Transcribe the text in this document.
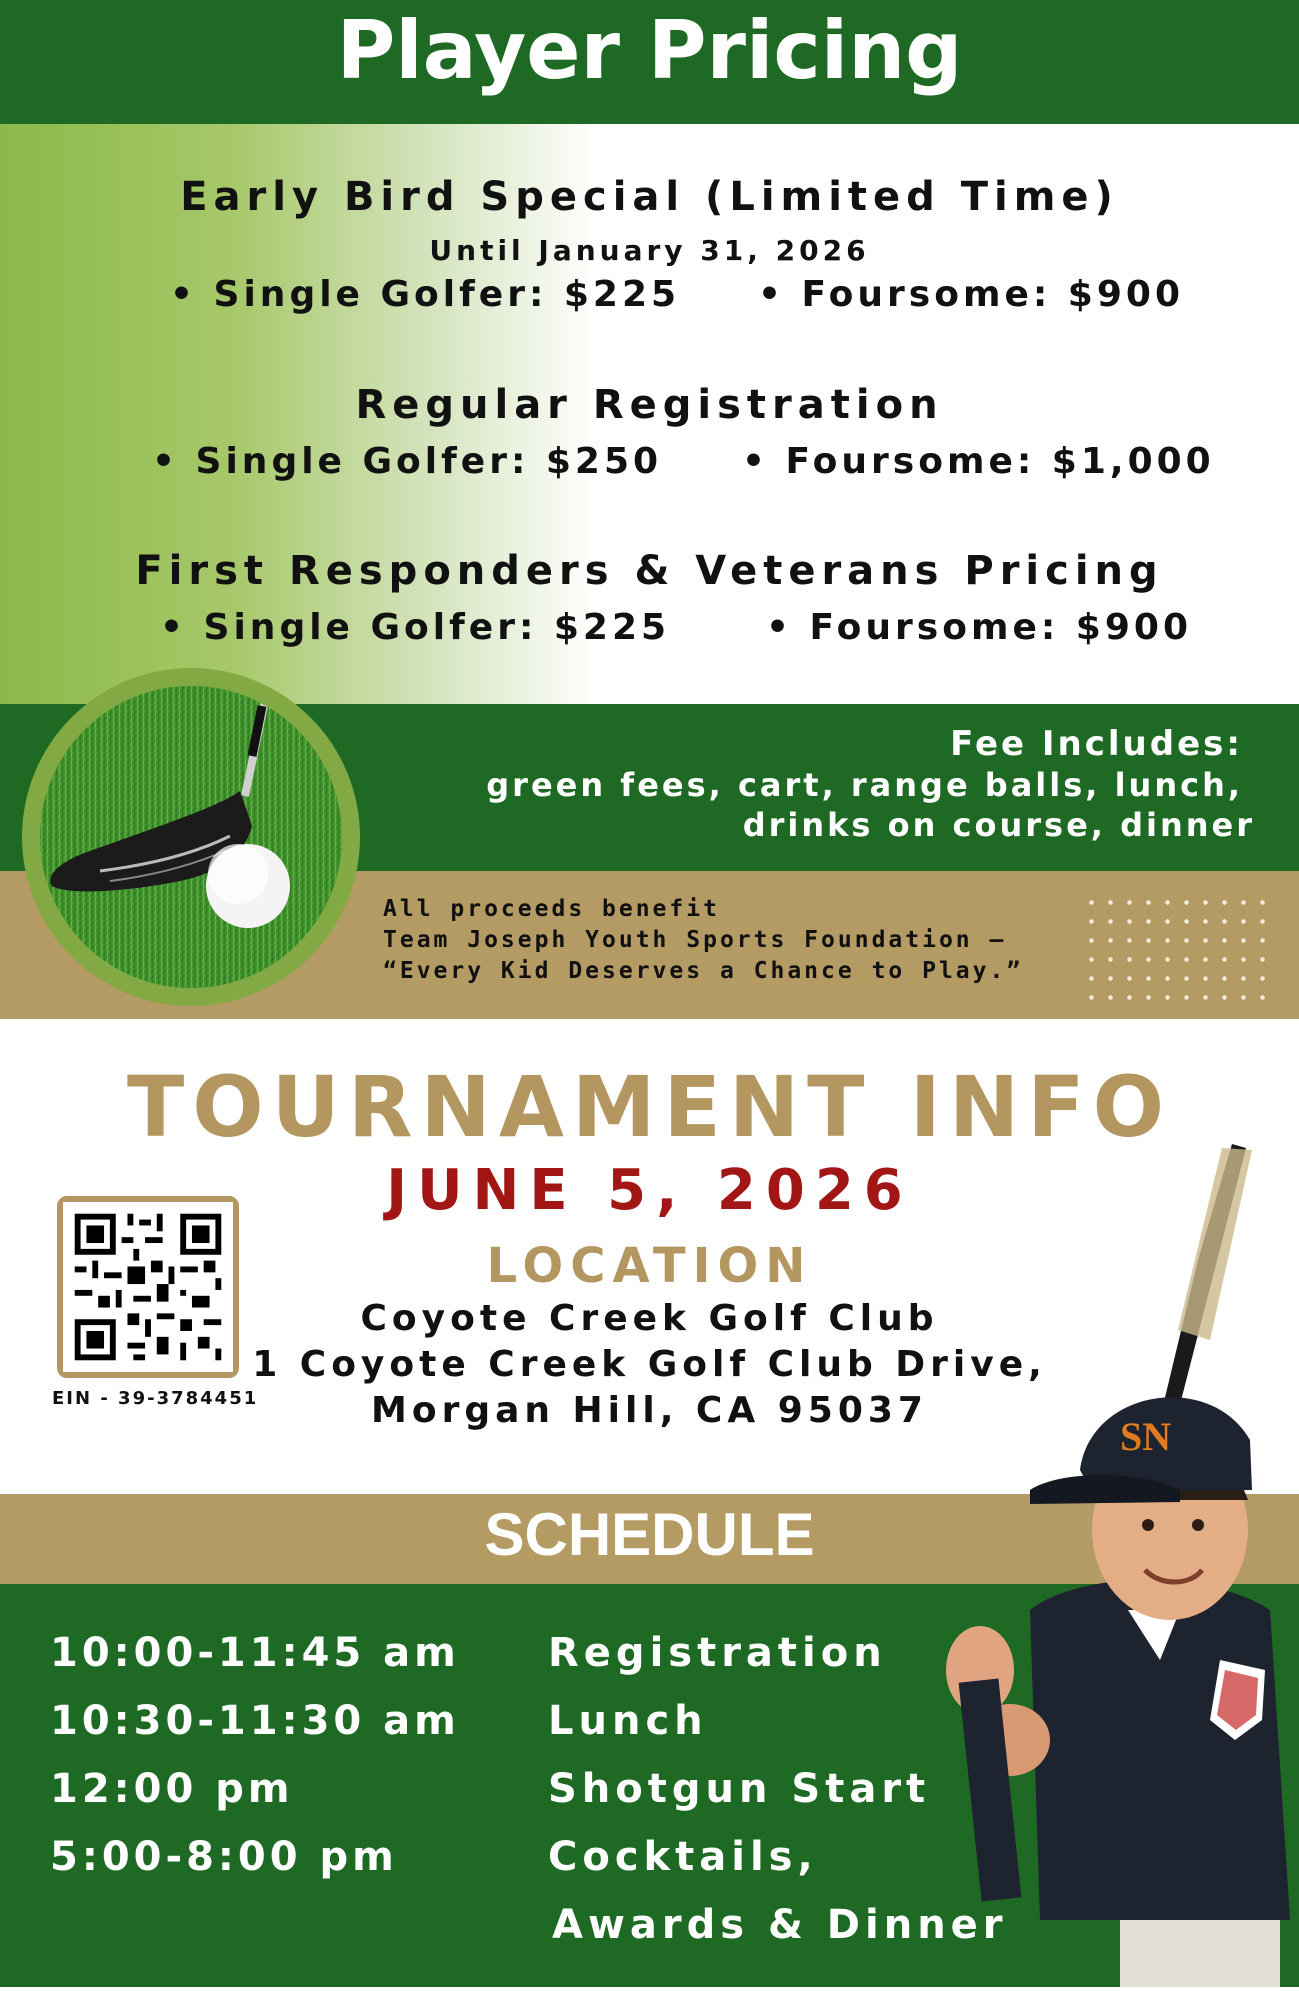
Player Pricing
Early Bird Special (Limited Time)
Until January 31, 2026
• Single Golfer: $225 • Foursome: $900
Regular Registration
• Single Golfer: $250 • Foursome: $1,000
First Responders & Veterans Pricing
• Single Golfer: $225	• Foursome: $900
Fee Includes:
green fees, cart, range balls, lunch,
drinks on course, dinner
All proceeds benefit
Team Joseph Youth Sports Foundation —
“Every Kid Deserves a Chance to Play.”
TOURNAMENT INFO
JUNE 5, 2026
LOCATION
Coyote Creek Golf Club
1 Coyote Creek Golf Club Drive,
Morgan Hill, CA 95037
EIN - 39-3784451
SCHEDULE
10:00-11:45 am Registration
10:30-11:30 am Lunch
12:00 pm	Shotgun Start
5:00-8:00 pm	Cocktails,
Awards & Dinner
SN
